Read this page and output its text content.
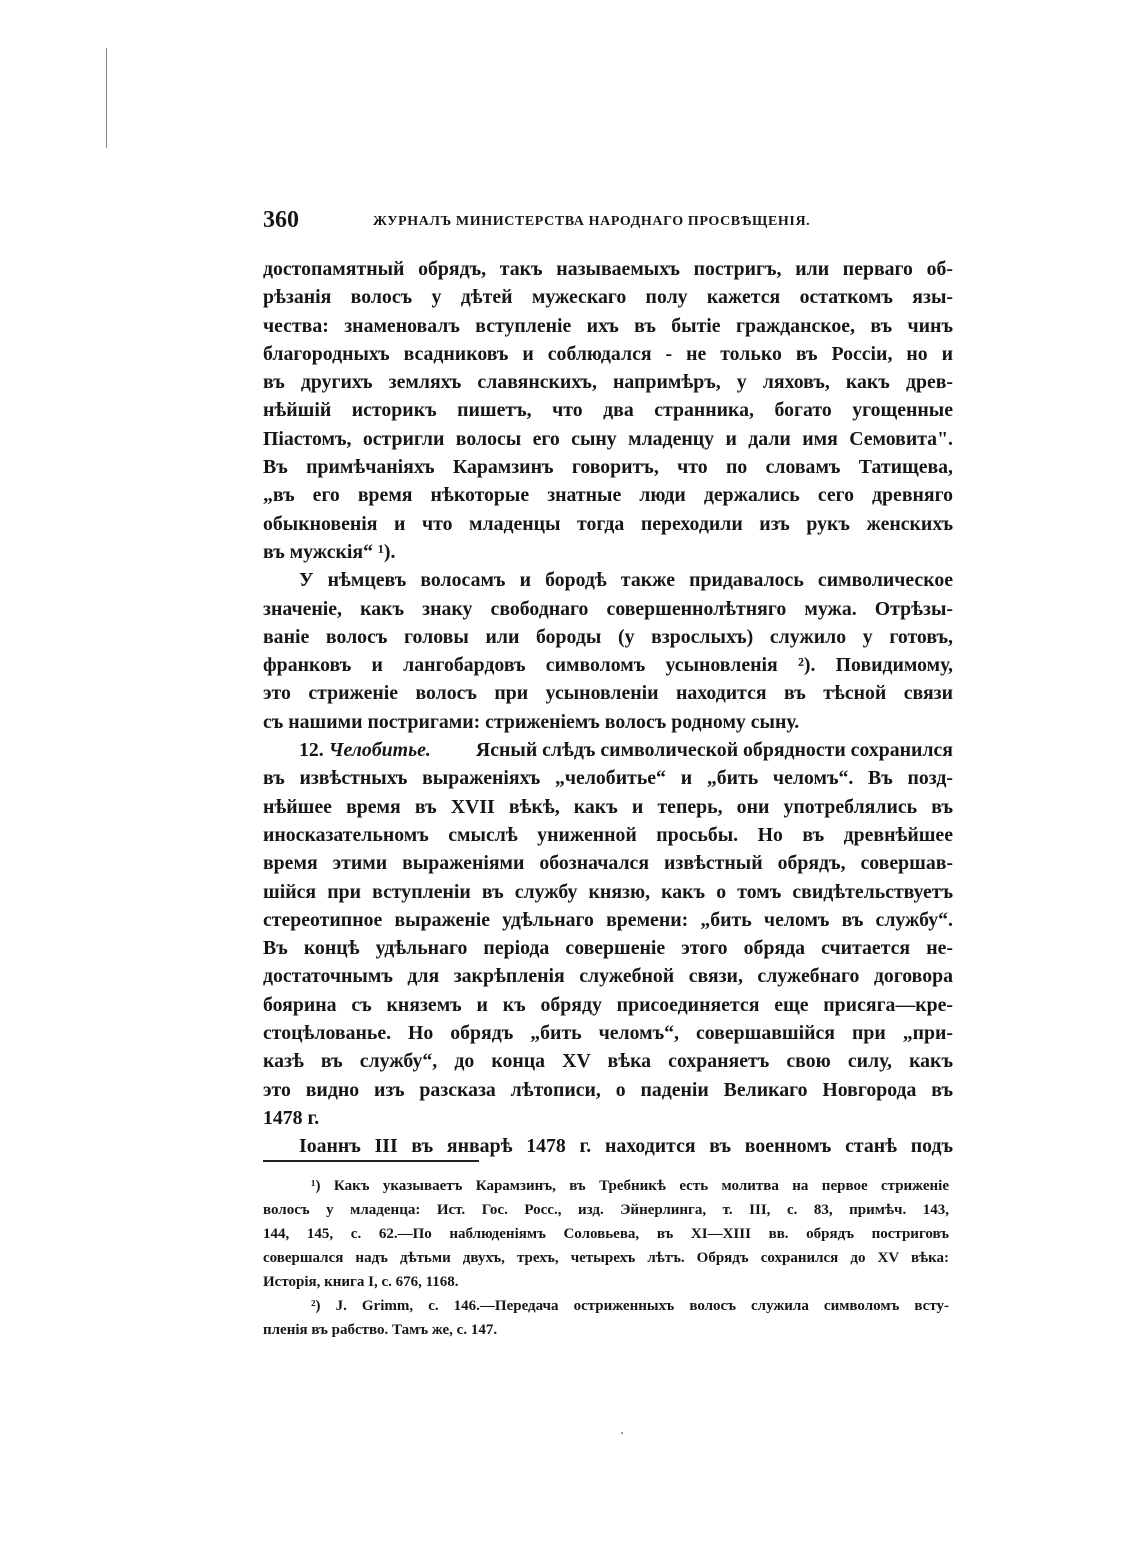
360	ЖУРНАЛЪ МИНИСТЕРСТВА НАРОДНАГО ПРОСВѢЩЕНІЯ.
достопамятный обрядъ, такъ называемыхъ постригъ, или перваго об-
рѣзанія волосъ у дѣтей мужескаго полу кажется остаткомъ язы-
чества: знаменовалъ вступленіе ихъ въ бытіе гражданское, въ чинъ
благородныхъ всадниковъ и соблюдался - не только въ Россіи, но и
въ другихъ земляхъ славянскихъ, напримѣръ, у ляховъ, какъ древ-
нѣйшій историкъ пишетъ, что два странника, богато угощенные
Піастомъ, остригли волосы его сыну младенцу и дали имя Семовита".
Въ примѣчаніяхъ Карамзинъ говоритъ, что по словамъ Татищева,
„въ его время нѣкоторые знатные люди держались сего древняго
обыкновенія и что младенцы тогда переходили изъ рукъ женскихъ
въ мужскія“ ¹).
У нѣмцевъ волосамъ и бородѣ также придавалось символическое
значеніе, какъ знаку свободнаго совершеннолѣтняго мужа. Отрѣзы-
ваніе волосъ головы или бороды (у взрослыхъ) служило у готовъ,
франковъ и лангобардовъ символомъ усыновленія ²). Повидимому,
это стриженіе волосъ при усыновленіи находится въ тѣсной связи
съ нашими постригами: стриженіемъ волосъ родному сыну.
12. Челобитье. Ясный слѣдъ символической обрядности сохранился
въ извѣстныхъ выраженіяхъ „челобитье“ и „бить челомъ“. Въ позд-
нѣйшее время въ XVII вѣкѣ, какъ и теперь, они употреблялись въ
иносказательномъ смыслѣ униженной просьбы. Но въ древнѣйшее
время этими выраженіями обозначался извѣстный обрядъ, совершав-
шійся при вступленіи въ службу князю, какъ о томъ свидѣтельствуетъ
стереотипное выраженіе удѣльнаго времени: „бить челомъ въ службу“.
Въ концѣ удѣльнаго періода совершеніе этого обряда считается не-
достаточнымъ для закрѣпленія служебной связи, служебнаго договора
боярина съ княземъ и къ обряду присоединяется еще присяга—кре-
стоцѣлованье. Но обрядъ „бить челомъ“, совершавшійся при „при-
казѣ въ службу“, до конца XV вѣка сохраняетъ свою силу, какъ
это видно изъ разсказа лѣтописи, о паденіи Великаго Новгорода въ
1478 г.
Іоаннъ III въ январѣ 1478 г. находится въ военномъ станѣ подъ
¹) Какъ указываетъ Карамзинъ, въ Требникѣ есть молитва на первое стриженіе
волосъ у младенца: Ист. Гос. Росс., изд. Эйнерлинга, т. III, с. 83, примѣч. 143,
144, 145, с. 62.—По наблюденіямъ Соловьева, въ XI—XIII вв. обрядъ постриговъ
совершался надъ дѣтьми двухъ, трехъ, четырехъ лѣтъ. Обрядъ сохранился до XV вѣка:
Исторія, книга I, с. 676, 1168.
²) J. Grimm, с. 146.—Передача остриженныхъ волосъ служила символомъ всту-
пленія въ рабство. Тамъ же, с. 147.
